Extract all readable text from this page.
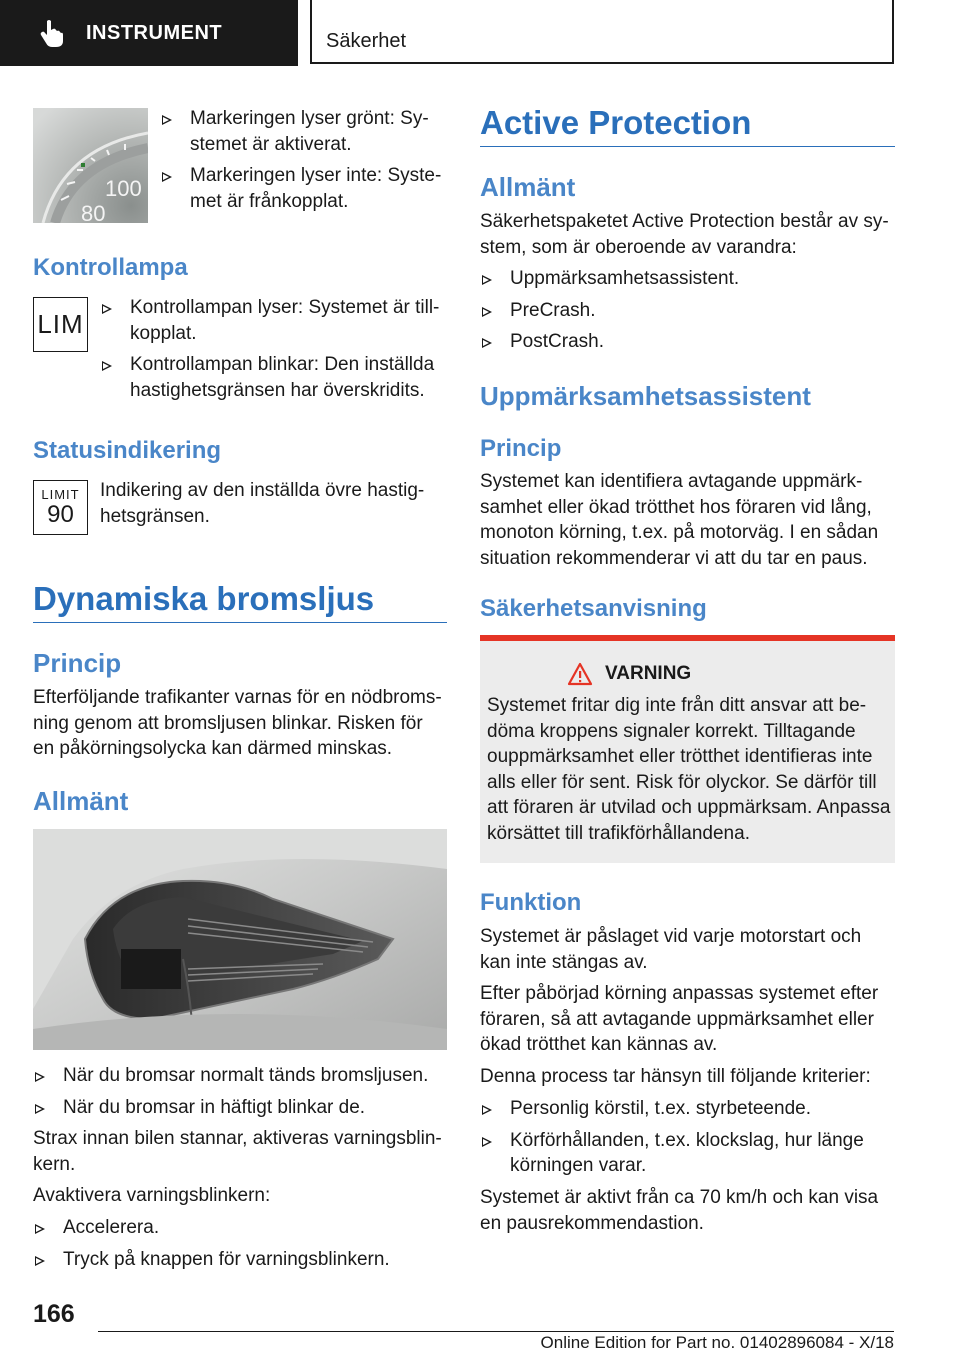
INSTRUMENT	Säkerhet
100
80
Markeringen lyser grönt: Sy-
stemet är aktiverat.
Markeringen lyser inte: Syste-
met är frånkopplat.
Kontrollampa
LIM
Kontrollampan lyser: Systemet är till-
kopplat.
Kontrollampan blinkar: Den inställda
hastighetsgränsen har överskridits.
Statusindikering
LIMIT
90

Indikering av den inställda övre hastig-
hetsgränsen.

Dynamiska bromsljus
Princip

Efterföljande trafikanter varnas för en nödbroms-
ning genom att bromsljusen blinkar. Risken för
en påkörningsolycka kan därmed minskas.

Allmänt
När du bromsar normalt tänds bromsljusen.
När du bromsar in häftigt blinkar de.

Strax innan bilen stannar, aktiveras varningsblin-
kern.

Avaktivera varningsblinkern:

Accelerera.
Tryck på knappen för varningsblinkern.
Active Protection
Allmänt

Säkerhetspaketet Active Protection består av sy-
stem, som är oberoende av varandra:

Uppmärksamhetsassistent.
PreCrash.
PostCrash.
Uppmärksamhetsassistent
Princip

Systemet kan identifiera avtagande uppmärk-
samhet eller ökad trötthet hos föraren vid lång,
monoton körning, t.ex. på motorväg. I en sådan
situation rekommenderar vi att du tar en paus.

Säkerhetsanvisning
VARNING

Systemet fritar dig inte från ditt ansvar att be-
döma kroppens signaler korrekt. Tilltagande
ouppmärksamhet eller trötthet identifieras inte
alls eller för sent. Risk för olyckor. Se därför till
att föraren är utvilad och uppmärksam. Anpassa
körsättet till trafikförhållandena.

Funktion

Systemet är påslaget vid varje motorstart och
kan inte stängas av.

Efter påbörjad körning anpassas systemet efter
föraren, så att avtagande uppmärksamhet eller
ökad trötthet kan kännas av.

Denna process tar hänsyn till följande kriterier:

Personlig körstil, t.ex. styrbeteende.
Körförhållanden, t.ex. klockslag, hur länge
körningen varar.

Systemet är aktivt från ca 70 km/h och kan visa
en pausrekommendastion.

166
Online Edition for Part no. 01402896084 - X/18
